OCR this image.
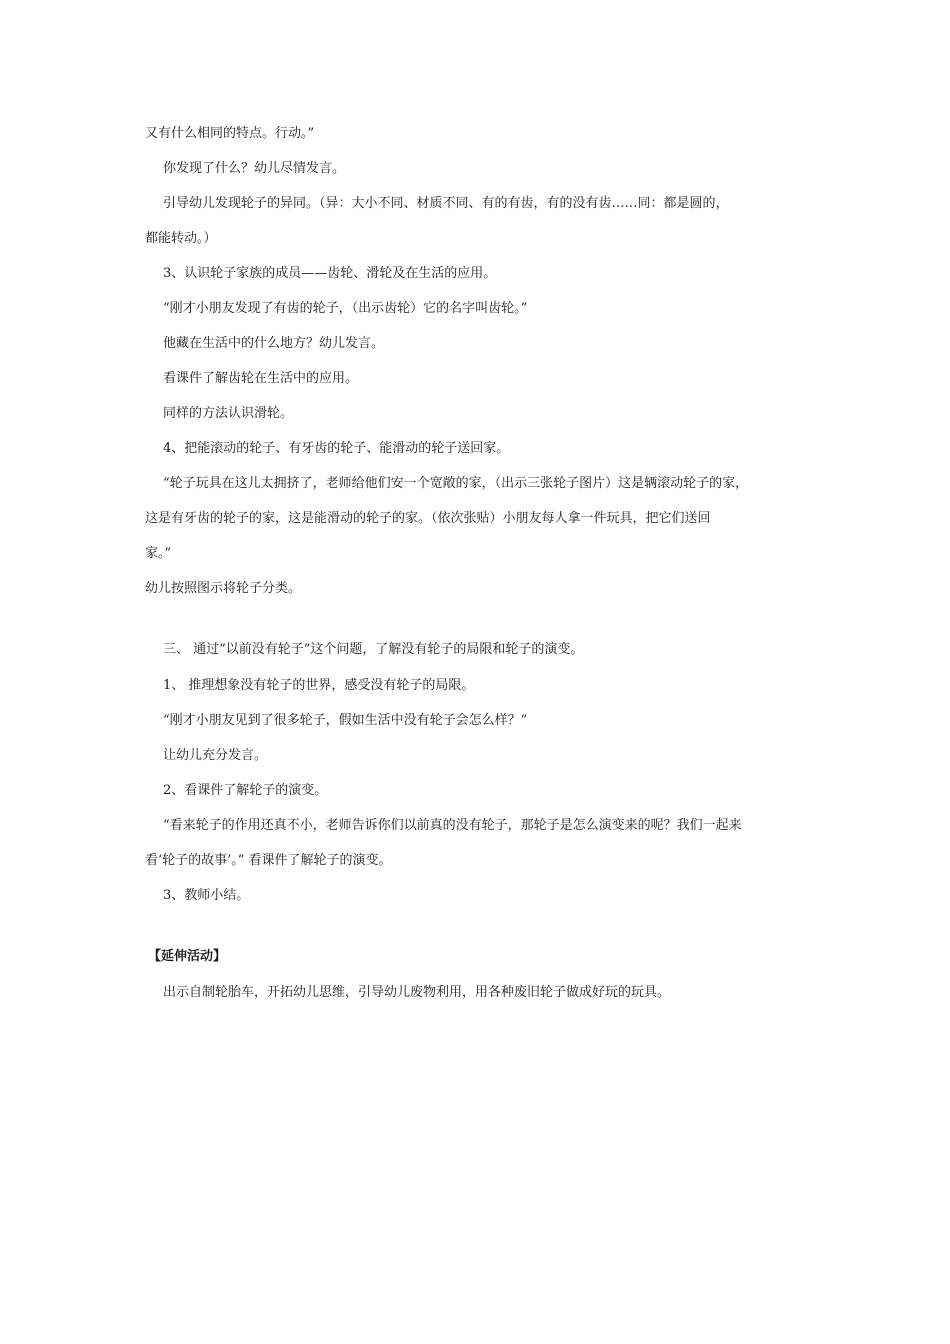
又有什么相同的特点。行动。”
你发现了什么？幼儿尽情发言。
引导幼儿发现轮子的异同。（异：大小不同、材质不同、有的有齿，有的没有齿……同：都是圆的，
都能转动。）
3、认识轮子家族的成员——齿轮、滑轮及在生活的应用。
“刚才小朋友发现了有齿的轮子，（出示齿轮）它的名字叫齿轮。”
他藏在生活中的什么地方？幼儿发言。
看课件了解齿轮在生活中的应用。
同样的方法认识滑轮。
4、把能滚动的轮子、有牙齿的轮子、能滑动的轮子送回家。
“轮子玩具在这儿太拥挤了，老师给他们安一个宽敞的家，（出示三张轮子图片）这是辆滚动轮子的家，
这是有牙齿的轮子的家，这是能滑动的轮子的家。（依次张贴）小朋友每人拿一件玩具，把它们送回
家。”
幼儿按照图示将轮子分类。
三、 通过“以前没有轮子”这个问题，了解没有轮子的局限和轮子的演变。
1、 推理想象没有轮子的世界，感受没有轮子的局限。
“刚才小朋友见到了很多轮子，假如生活中没有轮子会怎么样？”
让幼儿充分发言。
2、看课件了解轮子的演变。
“看来轮子的作用还真不小，老师告诉你们以前真的没有轮子，那轮子是怎么演变来的呢？我们一起来
看‘轮子的故事’。” 看课件了解轮子的演变。
3、教师小结。
【延伸活动】
出示自制轮胎车，开拓幼儿思维，引导幼儿废物利用，用各种废旧轮子做成好玩的玩具。
